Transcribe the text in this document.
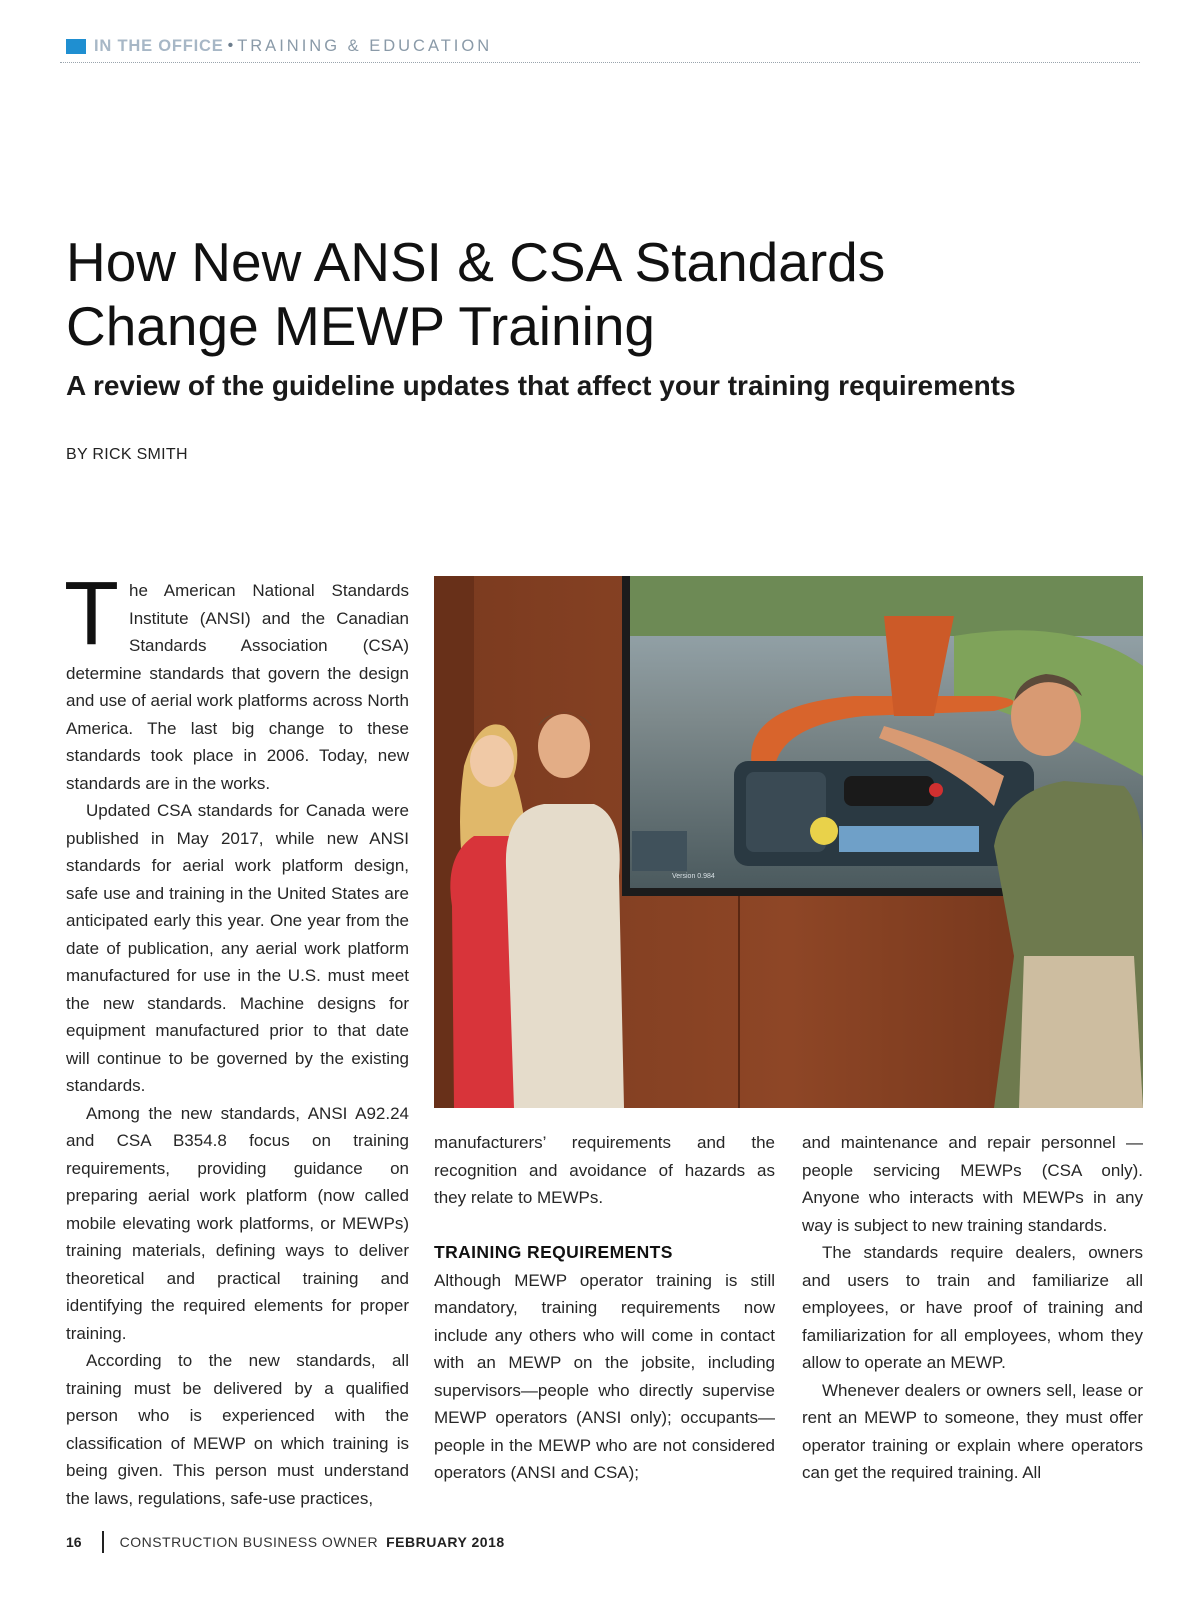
IN THE OFFICE • TRAINING & EDUCATION
How New ANSI & CSA Standards
Change MEWP Training
A review of the guideline updates that affect your training requirements
BY RICK SMITH

The American National Standards Institute (ANSI) and the Canadian Standards Association (CSA) determine standards that govern the design and use of aerial work platforms across North America. The last big change to these standards took place in 2006. Today, new standards are in the works.

Updated CSA standards for Canada were published in May 2017, while new ANSI standards for aerial work platform design, safe use and training in the United States are anticipated early this year. One year from the date of publication, any aerial work platform manufactured for use in the U.S. must meet the new standards. Machine designs for equipment manufactured prior to that date will continue to be governed by the existing standards.

Among the new standards, ANSI A92.24 and CSA B354.8 focus on training requirements, providing guidance on preparing aerial work platform (now called mobile elevating work platforms, or MEWPs) training materials, defining ways to deliver theoretical and practical training and identifying the required elements for proper training.

According to the new standards, all training must be delivered by a qualified person who is experienced with the classification of MEWP on which training is being given. This person must understand the laws, regulations, safe-use practices,

Version 0.984

manufacturers’ requirements and the recognition and avoidance of hazards as they relate to MEWPs.

TRAINING REQUIREMENTS

Although MEWP operator training is still mandatory, training requirements now include any others who will come in contact with an MEWP on the jobsite, including supervisors—people who directly supervise MEWP operators (ANSI only); occupants—people in the MEWP who are not considered operators (ANSI and CSA);

and maintenance and repair personnel —people servicing MEWPs (CSA only). Anyone who interacts with MEWPs in any way is subject to new training standards.

The standards require dealers, owners and users to train and familiarize all employees, or have proof of training and familiarization for all employees, whom they allow to operate an MEWP.

Whenever dealers or owners sell, lease or rent an MEWP to someone, they must offer operator training or explain where operators can get the required training. All

16	CONSTRUCTION BUSINESS OWNER FEBRUARY 2018
